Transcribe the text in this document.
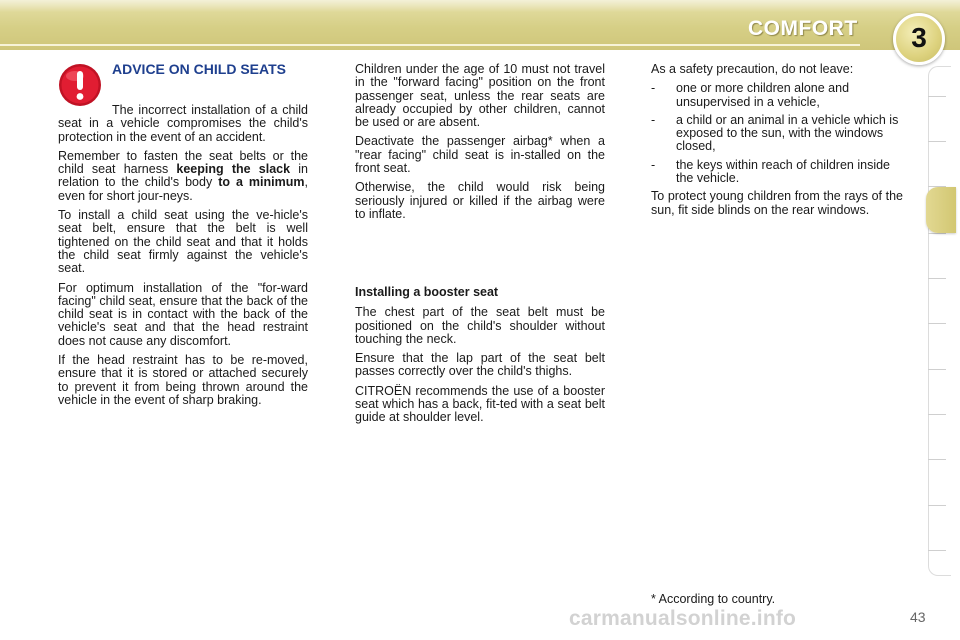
COMFORT	3
ADVICE ON CHILD SEATS

The incorrect installation of a child seat in a vehicle compromises the child's protection in the event of an accident.

Remember to fasten the seat belts or the child seat harness keeping the slack in relation to the child's body to a minimum, even for short jour-neys.

To install a child seat using the ve-hicle's seat belt, ensure that the belt is well tightened on the child seat and that it holds the child seat firmly against the vehicle's seat.

For optimum installation of the "for-ward facing" child seat, ensure that the back of the child seat is in contact with the back of the vehicle's seat and that the head restraint does not cause any discomfort.

If the head restraint has to be re-moved, ensure that it is stored or attached securely to prevent it from being thrown around the vehicle in the event of sharp braking.

Children under the age of 10 must not travel in the "forward facing" position on the front passenger seat, unless the rear seats are already occupied by other children, cannot be used or are absent.

Deactivate the passenger airbag* when a "rear facing" child seat is in-stalled on the front seat.

Otherwise, the child would risk being seriously injured or killed if the airbag were to inflate.

Installing a booster seat

The chest part of the seat belt must be positioned on the child's shoulder without touching the neck.

Ensure that the lap part of the seat belt passes correctly over the child's thighs.

CITROËN recommends the use of a booster seat which has a back, fit-ted with a seat belt guide at shoulder level.

As a safety precaution, do not leave:

- one or more children alone and unsupervised in a vehicle,
- a child or an animal in a vehicle which is exposed to the sun, with the windows closed,
- the keys within reach of children inside the vehicle.

To protect young children from the rays of the sun, fit side blinds on the rear windows.

* According to country.
carmanualsonline.info	43
